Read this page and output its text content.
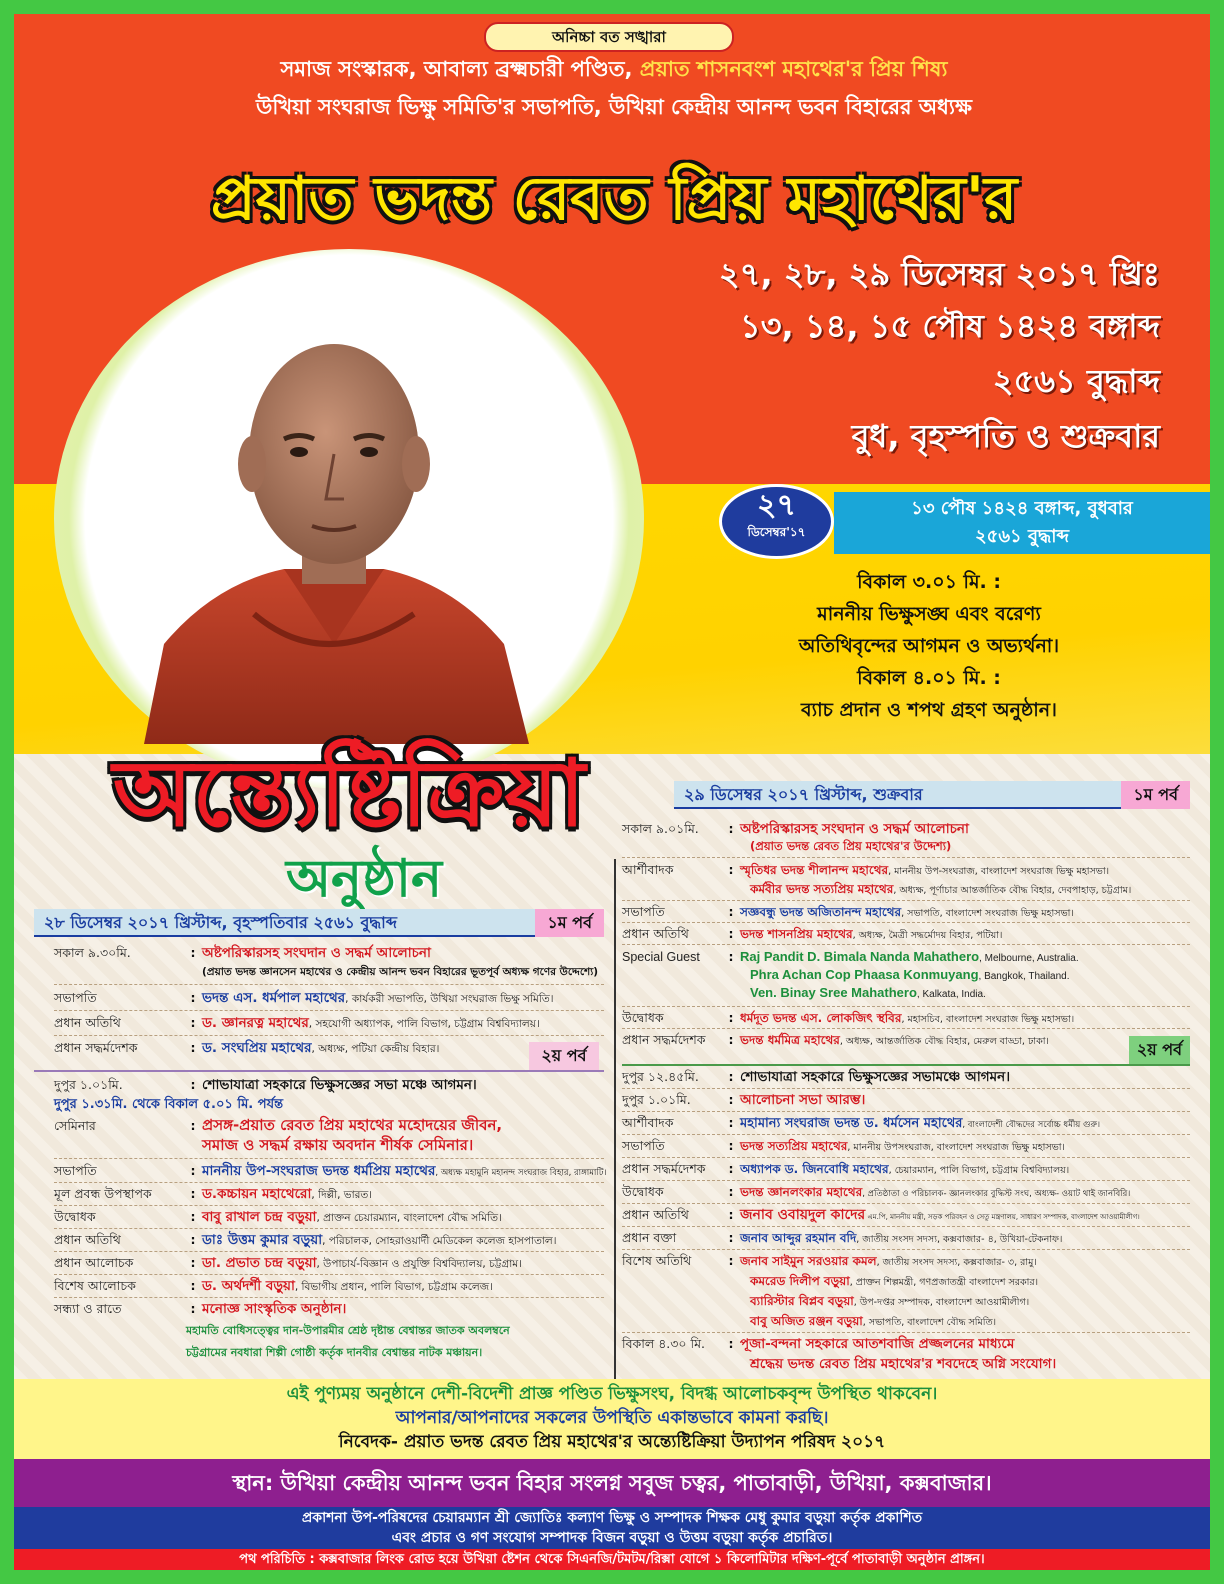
অনিচ্চা বত সঙ্খারা
সমাজ সংস্কারক, আবাল্য ব্রক্ষ্মচারী পণ্ডিত, প্রয়াত শাসনবংশ মহাথের'র প্রিয় শিষ্য
উখিয়া সংঘরাজ ভিক্ষু সমিতি'র সভাপতি, উখিয়া কেন্দ্রীয় আনন্দ ভবন বিহারের অধ্যক্ষ
প্রয়াত ভদন্ত রেবত প্রিয় মহাথের'র
২৭, ২৮, ২৯ ডিসেম্বর ২০১৭ খ্রিঃ
১৩, ১৪, ১৫ পৌষ ১৪২৪ বঙ্গাব্দ
২৫৬১ বুদ্ধাব্দ
বুধ, বৃহস্পতি ও শুক্রবার
২৭
ডিসেম্বর'১৭
১৩ পৌষ ১৪২৪ বঙ্গাব্দ, বুধবার
২৫৬১ বুদ্ধাব্দ
বিকাল ৩.০১ মি. :
মাননীয় ভিক্ষুসঙ্ঘ এবং বরেণ্য
অতিথিবৃন্দের আগমন ও অভ্যর্থনা।
বিকাল ৪.০১ মি. :
ব্যাচ প্রদান ও শপথ গ্রহণ অনুষ্ঠান।
অন্ত্যেষ্টিক্রিয়া
অনুষ্ঠান
২৮ ডিসেম্বর ২০১৭ খ্রিস্টাব্দ, বৃহস্পতিবার ২৫৬১ বুদ্ধাব্দ	১ম পর্ব
সকাল ৯.৩০মি.	: অষ্টপরিস্কারসহ সংঘদান ও সদ্ধর্ম আলোচনা
(প্রয়াত ভদন্ত জ্ঞানসেন মহাথের ও কেন্দ্রীয় আনন্দ ভবন বিহারের ভূতপূর্ব অধ্যক্ষ গণের উদ্দেশ্যে)
সভাপতি	: ভদন্ত এস. ধর্মপাল মহাথের, কার্যকরী সভাপতি, উখিয়া সংঘরাজ ভিক্ষু সমিতি।
প্রধান অতিথি	: ড. জ্ঞানরত্ন মহাথের, সহযোগী অধ্যাপক, পালি বিভাগ, চট্টগ্রাম বিশ্ববিদ্যালয়।
প্রধান সদ্ধর্মদেশক	: ড. সংঘপ্রিয় মহাথের, অধ্যক্ষ, পটিয়া কেন্দ্রীয় বিহার।	২য় পর্ব
দুপুর ১.০১মি.	: শোভাযাত্রা সহকারে ভিক্ষুসজ্ঞের সভা মঞ্চে আগমন।
দুপুর ১.৩১মি. থেকে বিকাল ৫.০১ মি. পর্যন্ত
সেমিনার	: প্রসঙ্গ-প্রয়াত রেবত প্রিয় মহাথের মহোদয়ের জীবন,
সমাজ ও সদ্ধর্ম রক্ষায় অবদান শীর্ষক সেমিনার।
সভাপতি	: মাননীয় উপ-সংঘরাজ ভদন্ত ধর্মপ্রিয় মহাথের, অধ্যক্ষ মহামুনি মহানন্দ সংঘরাজ বিহার, রাঙ্গামাটি।
মূল প্রবন্ধ উপস্থাপক	: ড.কচ্চায়ন মহাথেরো, দিল্লী, ভারত।
উদ্বোধক	: বাবু রাখাল চন্দ্র বড়ুয়া, প্রাক্তন চেয়ারম্যান, বাংলাদেশ বৌদ্ধ সমিতি।
প্রধান অতিথি	: ডাঃ উত্তম কুমার বড়ুয়া, পরিচালক, সোহরাওয়ার্দী মেডিকেল কলেজ হাসপাতাল।
প্রধান আলোচক	: ডা. প্রভাত চন্দ্র বড়ুয়া, উপাচার্য-বিজ্ঞান ও প্রযুক্তি বিশ্ববিদ্যালয়, চট্টগ্রাম।
বিশেষ আলোচক	: ড. অর্থদর্শী বড়ুয়া, বিভাগীয় প্রধান, পালি বিভাগ, চট্টগ্রাম কলেজ।
সন্ধ্যা ও রাতে	: মনোজ্ঞ সাংস্কৃতিক অনুষ্ঠান।
মহামতি বোধিসত্ত্বের দান-উপারমীর শ্রেষ্ঠ দৃষ্টান্ত বেশ্বান্তর জাতক অবলম্বনে
চট্টগ্রামের নবধারা শিল্পী গোষ্ঠী কর্তৃক দানবীর বেশ্বান্তর নাটক মঞ্চায়ন।
২৯ ডিসেম্বর ২০১৭ খ্রিস্টাব্দ, শুক্রবার	১ম পর্ব
সকাল ৯.০১মি. : অষ্টপরিস্কারসহ সংঘদান ও সদ্ধর্ম আলোচনা
(প্রয়াত ভদন্ত রেবত প্রিয় মহাথের'র উদ্দেশ্য)
আর্শীবাদক	: স্মৃতিধর ভদন্ত শীলানন্দ মহাথের, মাননীয় উপ-সংঘরাজ, বাংলাদেশ সংঘরাজ ভিক্ষু মহাসভা।
কর্মবীর ভদন্ত সত্যপ্রিয় মহাথের, অধ্যক্ষ, পূর্ণাচার আন্তর্জাতিক বৌদ্ধ বিহার, দেবপাহাড়, চট্টগ্রাম।
সভাপতি	: সজ্ঞবন্ধু ভদন্ত অজিতানন্দ মহাথের, সভাপতি, বাংলাদেশ সংঘরাজ ভিক্ষু মহাসভা।
প্রধান অতিথি	: ভদন্ত শাসনপ্রিয় মহাথের, অধ্যক্ষ, মৈত্রী সদ্ধর্মোদয় বিহার, পটিয়া।
Special Guest : Raj Pandit D. Bimala Nanda Mahathero, Melbourne, Australia.
Phra Achan Cop Phaasa Konmuyang, Bangkok, Thailand.
Ven. Binay Sree Mahathero, Kalkata, India.
উদ্বোধক	: ধর্মদূত ভদন্ত এস. লোকজিৎ স্থবির, মহাসচিব, বাংলাদেশ সংঘরাজ ভিক্ষু মহাসভা।
প্রধান সদ্ধর্মদেশক : ভদন্ত ধর্মমিত্র মহাথের, অধ্যক্ষ, আন্তর্জাতিক বৌদ্ধ বিহার, মেরুল বাড্ডা, ঢাকা।	২য় পর্ব
দুপুর ১২.৪৫মি. : শোভাযাত্রা সহকারে ভিক্ষুসজ্ঞের সভামঞ্চে আগমন।
দুপুর ১.০১মি.	: আলোচনা সভা আরম্ভ।
আর্শীবাদক	: মহামান্য সংঘরাজ ভদন্ত ড. ধর্মসেন মহাথের, বাংলাদেশী বৌদ্ধদের সর্বোচ্চ ধর্মীয় গুরু।
সভাপতি	: ভদন্ত সত্যপ্রিয় মহাথের, মাননীয় উপসংঘরাজ, বাংলাদেশ সংঘরাজ ভিক্ষু মহাসভা।
প্রধান সদ্ধর্মদেশক : অধ্যাপক ড. জিনবোধি মহাথের, চেয়ারম্যান, পালি বিভাগ, চট্টগ্রাম বিশ্ববিদ্যালয়।
উদ্বোধক	: ভদন্ত জ্ঞানলংকার মহাথের, প্রতিষ্ঠাতা ও পরিচালক- জ্ঞানলংকার বুদ্ধিস্ট সংঘ, অধ্যক্ষ- ওয়াট থাই জানবিরি।
প্রধান অতিথি	: জনাব ওবায়দুল কাদের এম.পি, মাননীয় মন্ত্রী, সড়ক পরিবহন ও সেতু মন্ত্রণালয়, সাধারণ সম্পাদক, বাংলাদেশ আওয়ামীলীগ।
প্রধান বক্তা	: জনাব আব্দুর রহমান বদি, জাতীয় সংসদ সদস্য, কক্সবাজার- ৪, উখিয়া-টেকনাফ।
বিশেষ অতিথি	: জনাব সাইমুন সরওয়ার কমল, জাতীয় সংসদ সদস্য, কক্সবাজার- ৩, রামু।
কমরেড দিলীপ বড়ুয়া, প্রাক্তন শিল্পমন্ত্রী, গণপ্রজাতন্ত্রী বাংলাদেশ সরকার।
ব্যারিস্টার বিপ্লব বড়ুয়া, উপ-দপ্তর সম্পাদক, বাংলাদেশ আওয়ামীলীগ।
বাবু অজিত রঞ্জন বড়ুয়া, সভাপতি, বাংলাদেশ বৌদ্ধ সমিতি।
বিকাল ৪.৩০ মি. : পূজা-বন্দনা সহকারে আতশবাজি প্রজ্জলনের মাধ্যমে
শ্রদ্ধেয় ভদন্ত রেবত প্রিয় মহাথের'র শবদেহে অগ্নি সংযোগ।
এই পুণ্যময় অনুষ্ঠানে দেশী-বিদেশী প্রাজ্ঞ পণ্ডিত ভিক্ষুসংঘ, বিদগ্ধ আলোচকবৃন্দ উপস্থিত থাকবেন।
আপনার/আপনাদের সকলের উপস্থিতি একান্তভাবে কামনা করছি।
নিবেদক- প্রয়াত ভদন্ত রেবত প্রিয় মহাথের'র অন্ত্যেষ্টিক্রিয়া উদ্যাপন পরিষদ ২০১৭
স্থান: উখিয়া কেন্দ্রীয় আনন্দ ভবন বিহার সংলগ্ন সবুজ চত্বর, পাতাবাড়ী, উখিয়া, কক্সবাজার।
প্রকাশনা উপ-পরিষদের চেয়ারম্যান শ্রী জ্যোতিঃ কল্যাণ ভিক্ষু ও সম্পাদক শিক্ষক মেধু কুমার বড়ুয়া কর্তৃক প্রকাশিত
এবং প্রচার ও গণ সংযোগ সম্পাদক বিজন বড়ুয়া ও উত্তম বড়ুয়া কর্তৃক প্রচারিত।
পথ পরিচিতি : কক্সবাজার লিংক রোড হয়ে উখিয়া ষ্টেশন থেকে সিএনজি/টমটম/রিক্সা যোগে ১ কিলোমিটার দক্ষিণ-পূর্বে পাতাবাড়ী অনুষ্ঠান প্রাঙ্গন।
